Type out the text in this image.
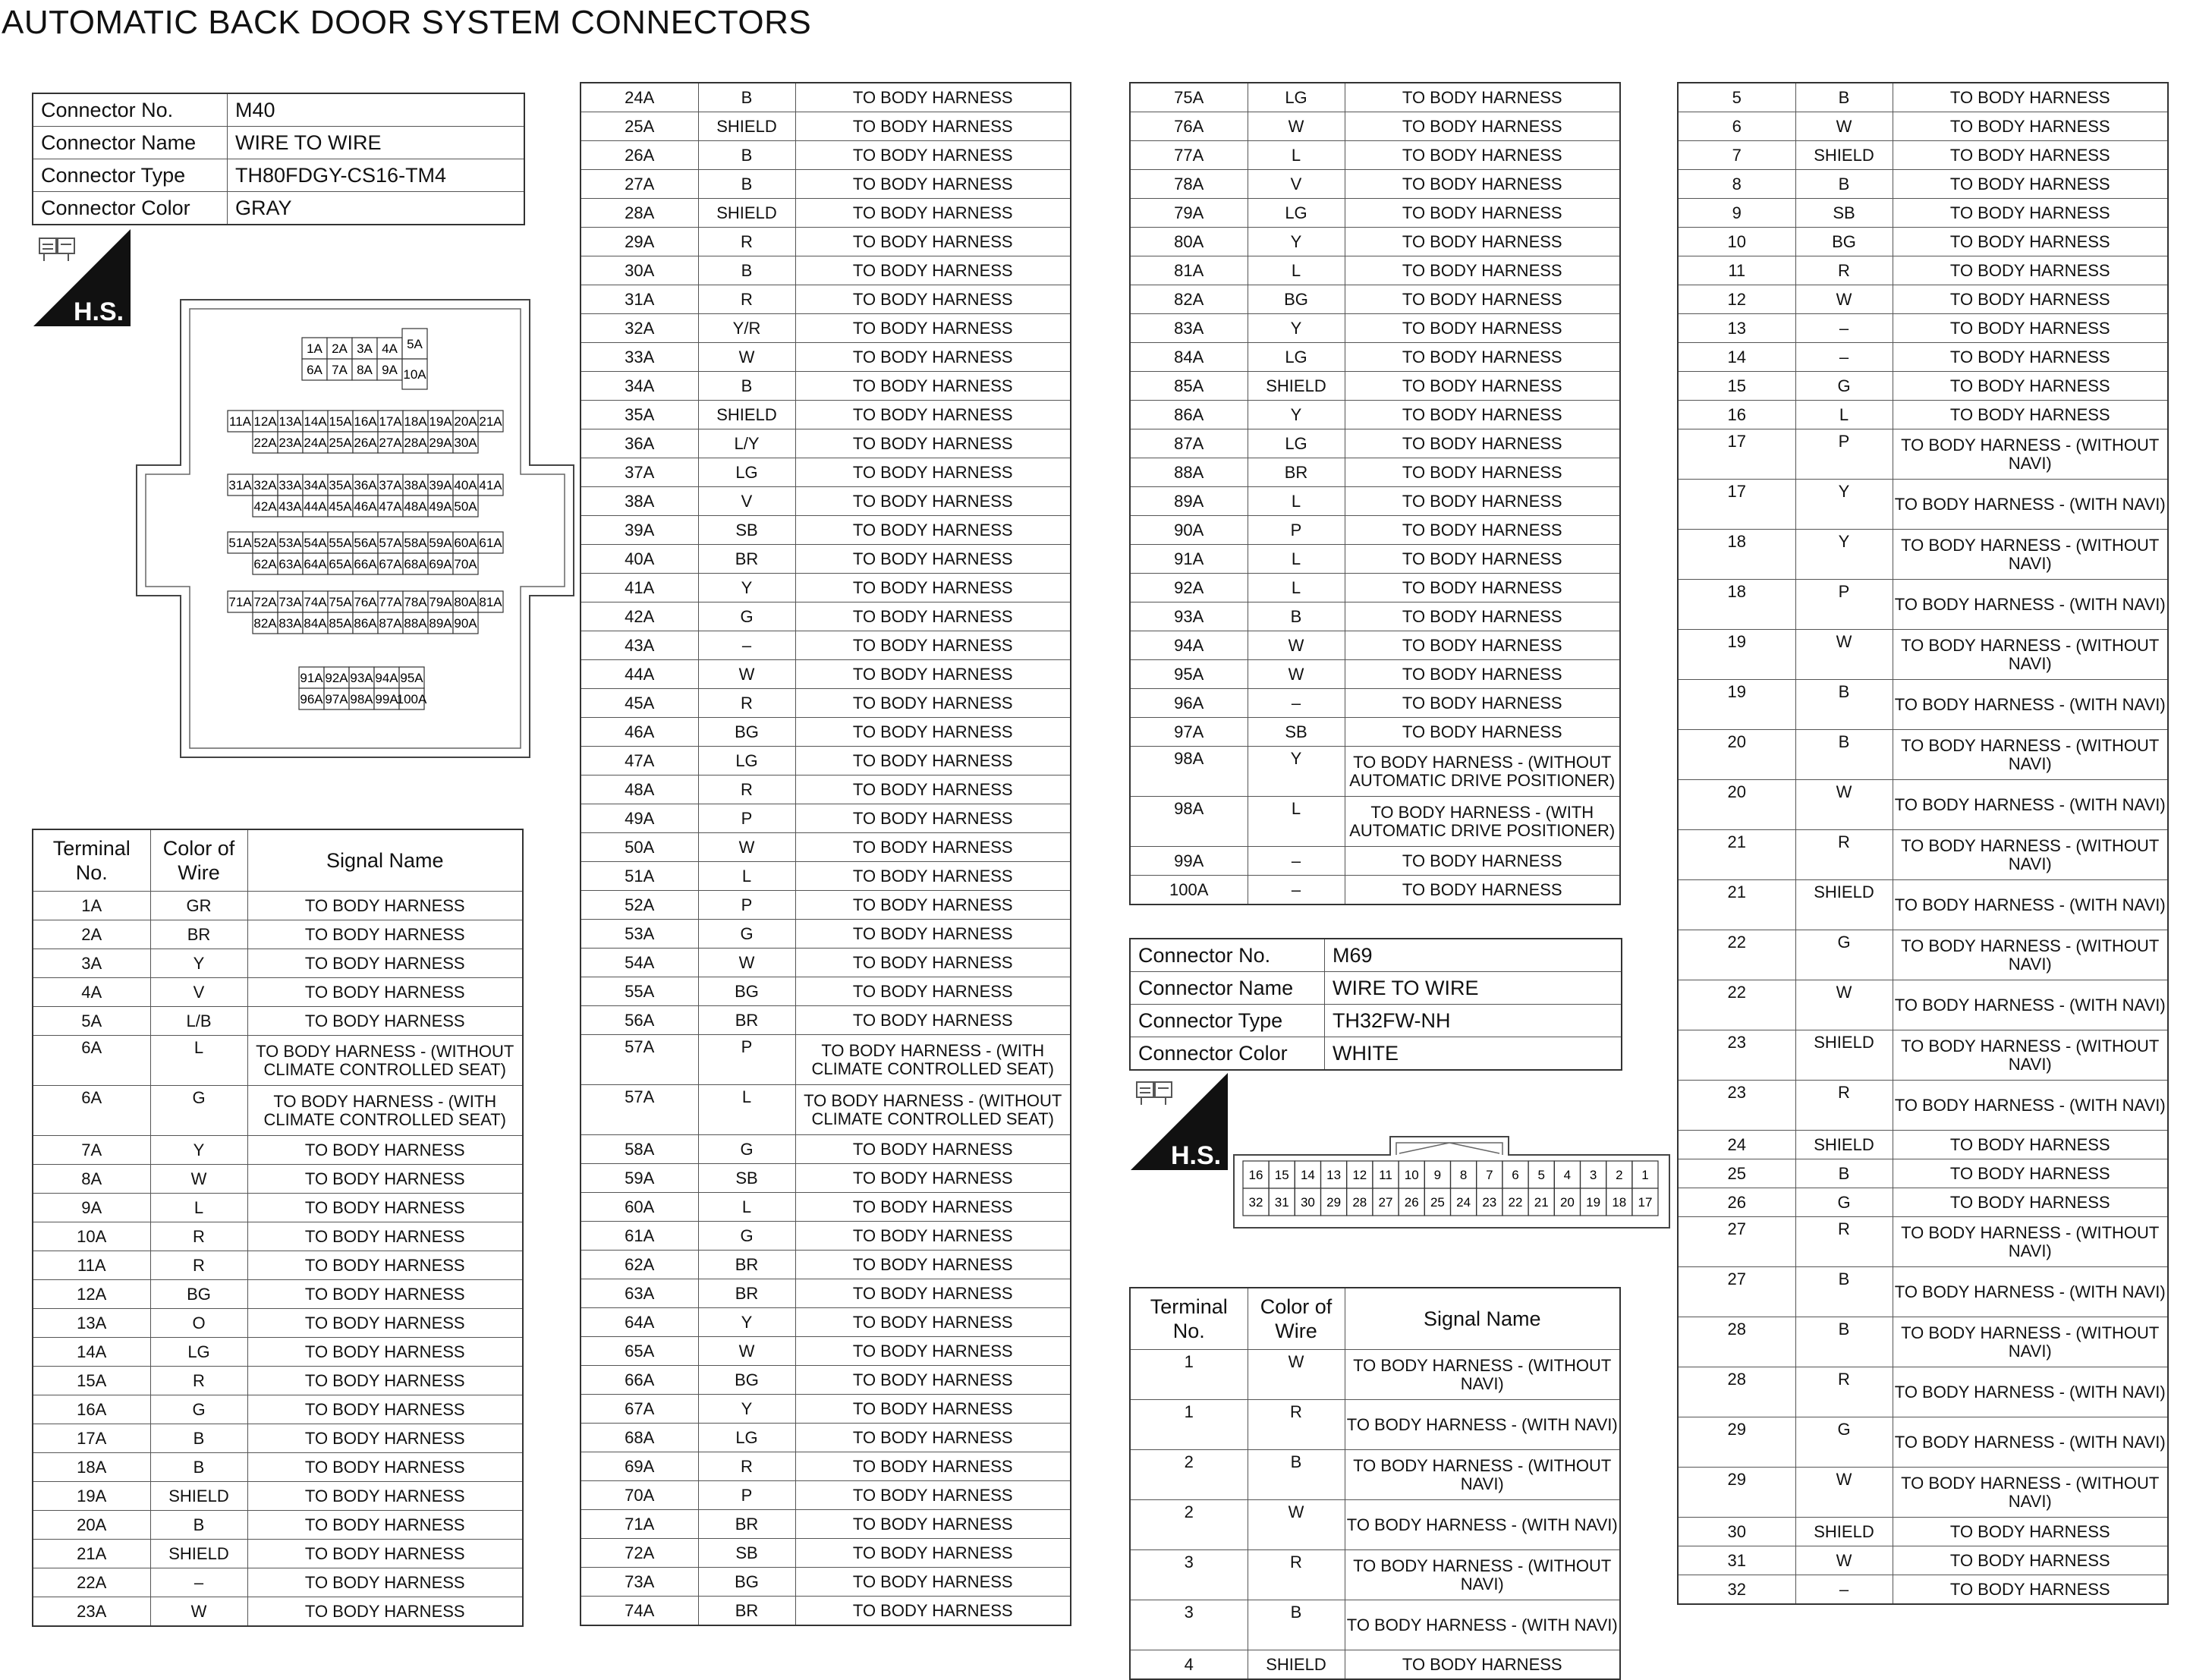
AUTOMATIC BACK DOOR SYSTEM CONNECTORS
Connector No.	M40
Connector Name	WIRE TO WIRE
Connector Type	TH80FDGY-CS16-TM4
Connector Color	GRAY
H.S.
1A 2A 3A 4A 5A
6A 7A 8A 9A 10A
11A 12A 13A 14A 15A 16A 17A 18A 19A 20A 21A
22A 23A 24A 25A 26A 27A 28A 29A 30A
31A 32A 33A 34A 35A 36A 37A 38A 39A 40A 41A
42A 43A 44A 45A 46A 47A 48A 49A 50A
51A 52A 53A 54A 55A 56A 57A 58A 59A 60A 61A
62A 63A 64A 65A 66A 67A 68A 69A 70A
71A 72A 73A 74A 75A 76A 77A 78A 79A 80A 81A
82A 83A 84A 85A 86A 87A 88A 89A 90A
91A 92A 93A 94A 95A
96A 97A 98A 99A
100A
Terminal No.	Color of Wire	Signal Name
1A	GR	TO BODY HARNESS
2A	BR	TO BODY HARNESS
3A	Y	TO BODY HARNESS
4A	V	TO BODY HARNESS
5A	L/B	TO BODY HARNESS
6A	L	TO BODY HARNESS - (WITHOUT CLIMATE CONTROLLED SEAT)
6A	G	TO BODY HARNESS - (WITH CLIMATE CONTROLLED SEAT)
7A	Y	TO BODY HARNESS
8A	W	TO BODY HARNESS
9A	L	TO BODY HARNESS
10A	R	TO BODY HARNESS
11A	R	TO BODY HARNESS
12A	BG	TO BODY HARNESS
13A	O	TO BODY HARNESS
14A	LG	TO BODY HARNESS
15A	R	TO BODY HARNESS
16A	G	TO BODY HARNESS
17A	B	TO BODY HARNESS
18A	B	TO BODY HARNESS
19A	SHIELD	TO BODY HARNESS
20A	B	TO BODY HARNESS
21A	SHIELD	TO BODY HARNESS
22A	–	TO BODY HARNESS
23A	W	TO BODY HARNESS
24A	B	TO BODY HARNESS
25A	SHIELD	TO BODY HARNESS
26A	B	TO BODY HARNESS
27A	B	TO BODY HARNESS
28A	SHIELD	TO BODY HARNESS
29A	R	TO BODY HARNESS
30A	B	TO BODY HARNESS
31A	R	TO BODY HARNESS
32A	Y/R	TO BODY HARNESS
33A	W	TO BODY HARNESS
34A	B	TO BODY HARNESS
35A	SHIELD	TO BODY HARNESS
36A	L/Y	TO BODY HARNESS
37A	LG	TO BODY HARNESS
38A	V	TO BODY HARNESS
39A	SB	TO BODY HARNESS
40A	BR	TO BODY HARNESS
41A	Y	TO BODY HARNESS
42A	G	TO BODY HARNESS
43A	–	TO BODY HARNESS
44A	W	TO BODY HARNESS
45A	R	TO BODY HARNESS
46A	BG	TO BODY HARNESS
47A	LG	TO BODY HARNESS
48A	R	TO BODY HARNESS
49A	P	TO BODY HARNESS
50A	W	TO BODY HARNESS
51A	L	TO BODY HARNESS
52A	P	TO BODY HARNESS
53A	G	TO BODY HARNESS
54A	W	TO BODY HARNESS
55A	BG	TO BODY HARNESS
56A	BR	TO BODY HARNESS
57A	P	TO BODY HARNESS - (WITH CLIMATE CONTROLLED SEAT)
57A	L	TO BODY HARNESS - (WITHOUT CLIMATE CONTROLLED SEAT)
58A	G	TO BODY HARNESS
59A	SB	TO BODY HARNESS
60A	L	TO BODY HARNESS
61A	G	TO BODY HARNESS
62A	BR	TO BODY HARNESS
63A	BR	TO BODY HARNESS
64A	Y	TO BODY HARNESS
65A	W	TO BODY HARNESS
66A	BG	TO BODY HARNESS
67A	Y	TO BODY HARNESS
68A	LG	TO BODY HARNESS
69A	R	TO BODY HARNESS
70A	P	TO BODY HARNESS
71A	BR	TO BODY HARNESS
72A	SB	TO BODY HARNESS
73A	BG	TO BODY HARNESS
74A	BR	TO BODY HARNESS
75A	LG	TO BODY HARNESS
76A	W	TO BODY HARNESS
77A	L	TO BODY HARNESS
78A	V	TO BODY HARNESS
79A	LG	TO BODY HARNESS
80A	Y	TO BODY HARNESS
81A	L	TO BODY HARNESS
82A	BG	TO BODY HARNESS
83A	Y	TO BODY HARNESS
84A	LG	TO BODY HARNESS
85A	SHIELD	TO BODY HARNESS
86A	Y	TO BODY HARNESS
87A	LG	TO BODY HARNESS
88A	BR	TO BODY HARNESS
89A	L	TO BODY HARNESS
90A	P	TO BODY HARNESS
91A	L	TO BODY HARNESS
92A	L	TO BODY HARNESS
93A	B	TO BODY HARNESS
94A	W	TO BODY HARNESS
95A	W	TO BODY HARNESS
96A	–	TO BODY HARNESS
97A	SB	TO BODY HARNESS
98A	Y	TO BODY HARNESS - (WITHOUT AUTOMATIC DRIVE POSITIONER)
98A	L	TO BODY HARNESS - (WITH AUTOMATIC DRIVE POSITIONER)
99A	–	TO BODY HARNESS
100A	–	TO BODY HARNESS
Connector No.	M69
Connector Name	WIRE TO WIRE
Connector Type	TH32FW-NH
Connector Color	WHITE
H.S.
16 15 14 13 12 11 10 9 8 7 6 5 4 3 2 1
32 31 30 29 28 27 26 25 24 23 22 21 20 19 18 17
Terminal No.	Color of Wire	Signal Name
1	W	TO BODY HARNESS - (WITHOUT NAVI)
1	R	TO BODY HARNESS - (WITH NAVI)
2	B	TO BODY HARNESS - (WITHOUT NAVI)
2	W	TO BODY HARNESS - (WITH NAVI)
3	R	TO BODY HARNESS - (WITHOUT NAVI)
3	B	TO BODY HARNESS - (WITH NAVI)
4	SHIELD	TO BODY HARNESS
5	B	TO BODY HARNESS
6	W	TO BODY HARNESS
7	SHIELD	TO BODY HARNESS
8	B	TO BODY HARNESS
9	SB	TO BODY HARNESS
10	BG	TO BODY HARNESS
11	R	TO BODY HARNESS
12	W	TO BODY HARNESS
13	–	TO BODY HARNESS
14	–	TO BODY HARNESS
15	G	TO BODY HARNESS
16	L	TO BODY HARNESS
17	P	TO BODY HARNESS - (WITHOUT NAVI)
17	Y	TO BODY HARNESS - (WITH NAVI)
18	Y	TO BODY HARNESS - (WITHOUT NAVI)
18	P	TO BODY HARNESS - (WITH NAVI)
19	W	TO BODY HARNESS - (WITHOUT NAVI)
19	B	TO BODY HARNESS - (WITH NAVI)
20	B	TO BODY HARNESS - (WITHOUT NAVI)
20	W	TO BODY HARNESS - (WITH NAVI)
21	R	TO BODY HARNESS - (WITHOUT NAVI)
21	SHIELD	TO BODY HARNESS - (WITH NAVI)
22	G	TO BODY HARNESS - (WITHOUT NAVI)
22	W	TO BODY HARNESS - (WITH NAVI)
23	SHIELD	TO BODY HARNESS - (WITHOUT NAVI)
23	R	TO BODY HARNESS - (WITH NAVI)
24	SHIELD	TO BODY HARNESS
25	B	TO BODY HARNESS
26	G	TO BODY HARNESS
27	R	TO BODY HARNESS - (WITHOUT NAVI)
27	B	TO BODY HARNESS - (WITH NAVI)
28	B	TO BODY HARNESS - (WITHOUT NAVI)
28	R	TO BODY HARNESS - (WITH NAVI)
29	G	TO BODY HARNESS - (WITH NAVI)
29	W	TO BODY HARNESS - (WITHOUT NAVI)
30	SHIELD	TO BODY HARNESS
31	W	TO BODY HARNESS
32	–	TO BODY HARNESS
